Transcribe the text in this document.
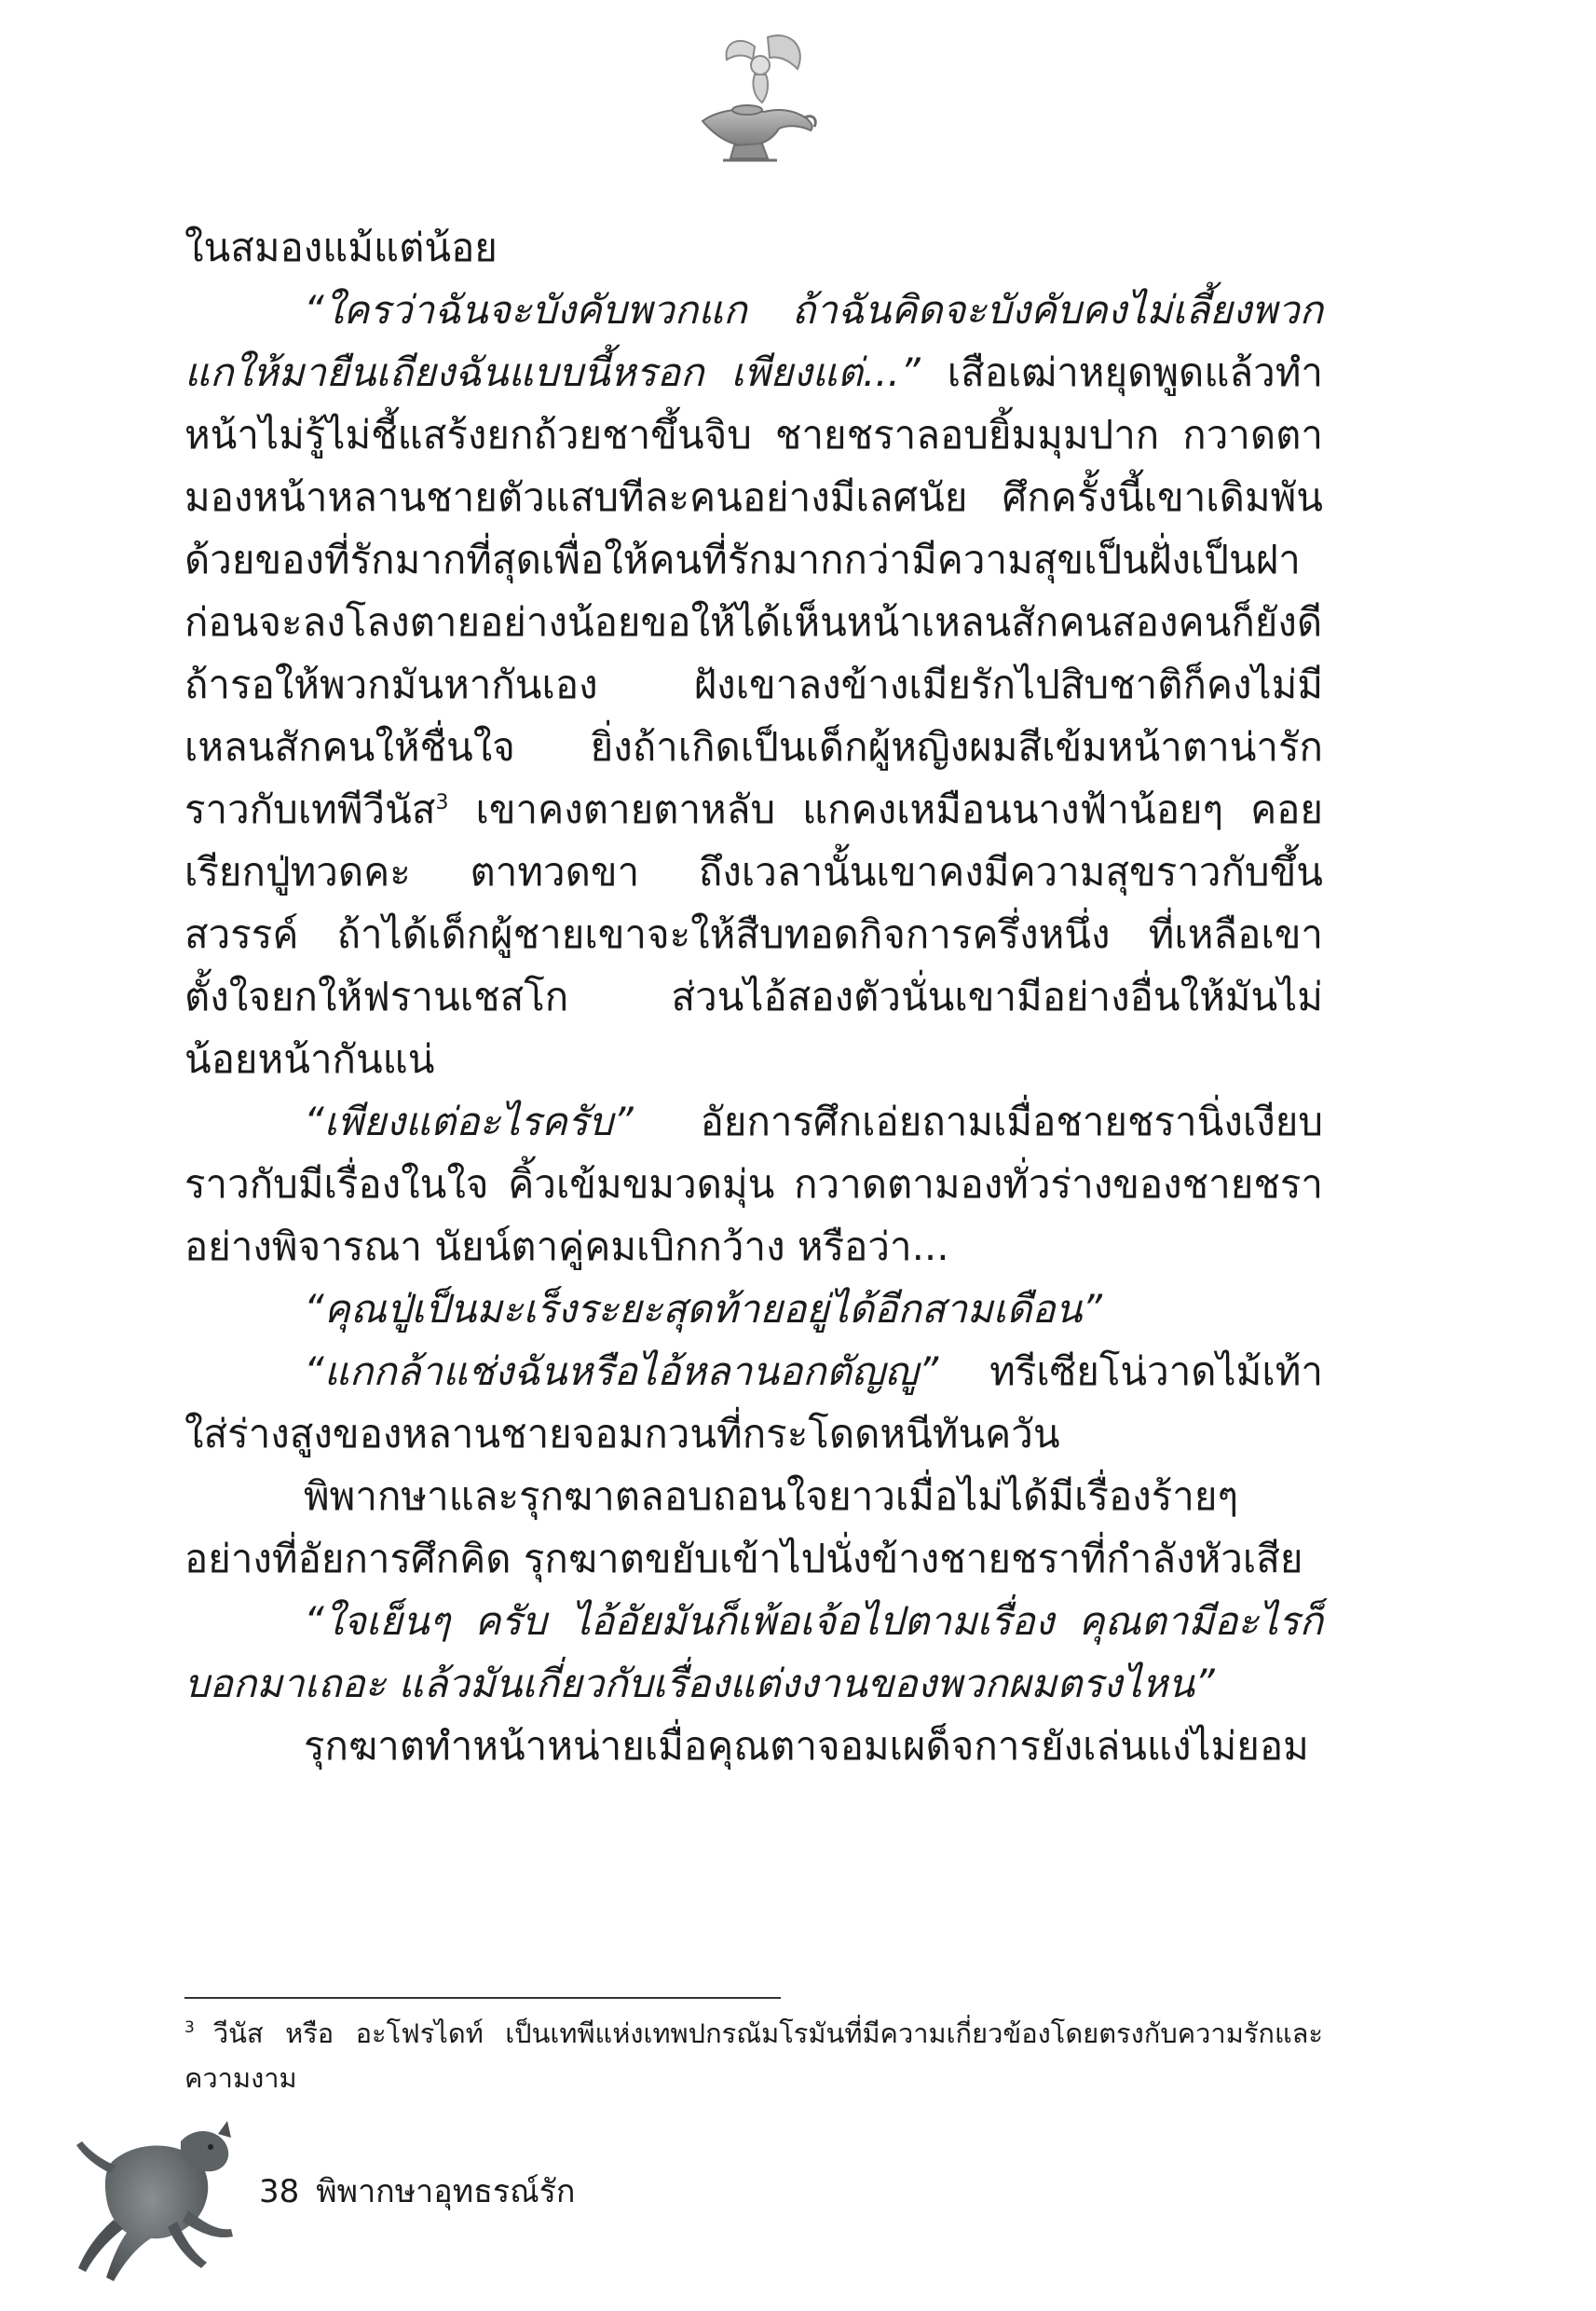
ในสมองแม้แต่น้อย

“ใครว่าฉันจะบังคับพวกแก ถ้าฉันคิดจะบังคับคงไม่เลี้ยงพวกแกให้มายืนเถียงฉันแบบนี้หรอก เพียงแต่...” เสือเฒ่าหยุดพูดแล้วทำหน้าไม่รู้ไม่ชี้แสร้งยกถ้วยชาขึ้นจิบ ชายชราลอบยิ้มมุมปาก กวาดตามองหน้าหลานชายตัวแสบทีละคนอย่างมีเลศนัย ศึกครั้งนี้เขาเดิมพันด้วยของที่รักมากที่สุดเพื่อให้คนที่รักมากกว่ามีความสุขเป็นฝั่งเป็นฝาก่อนจะลงโลงตายอย่างน้อยขอให้ได้เห็นหน้าเหลนสักคนสองคนก็ยังดี ถ้ารอให้พวกมันหากันเอง ฝังเขาลงข้างเมียรักไปสิบชาติก็คงไม่มีเหลนสักคนให้ชื่นใจ ยิ่งถ้าเกิดเป็นเด็กผู้หญิงผมสีเข้มหน้าตาน่ารักราวกับเทพีวีนัส$^3$ เขาคงตายตาหลับ แกคงเหมือนนางฟ้าน้อยๆ คอยเรียกปู่ทวดคะ ตาทวดขา ถึงเวลานั้นเขาคงมีความสุขราวกับขึ้นสวรรค์ ถ้าได้เด็กผู้ชายเขาจะให้สืบทอดกิจการครึ่งหนึ่ง ที่เหลือเขาตั้งใจยกให้ฟรานเชสโก ส่วนไอ้สองตัวนั่นเขามีอย่างอื่นให้มันไม่น้อยหน้ากันแน่

“เพียงแต่อะไรครับ” อัยการศึกเอ่ยถามเมื่อชายชรานิ่งเงียบราวกับมีเรื่องในใจ คิ้วเข้มขมวดมุ่น กวาดตามองทั่วร่างของชายชราอย่างพิจารณา นัยน์ตาคู่คมเบิกกว้าง หรือว่า...

“คุณปู่เป็นมะเร็งระยะสุดท้ายอยู่ได้อีกสามเดือน”

“แกกล้าแช่งฉันหรือไอ้หลานอกตัญญู” ทรีเซียโน่วาดไม้เท้าใส่ร่างสูงของหลานชายจอมกวนที่กระโดดหนีทันควัน

พิพากษาและรุกฆาตลอบถอนใจยาวเมื่อไม่ได้มีเรื่องร้ายๆ อย่างที่อัยการศึกคิด รุกฆาตขยับเข้าไปนั่งข้างชายชราที่กำลังหัวเสีย

“ใจเย็นๆ ครับ ไอ้อัยมันก็เพ้อเจ้อไปตามเรื่อง คุณตามีอะไรก็บอกมาเถอะ แล้วมันเกี่ยวกับเรื่องแต่งงานของพวกผมตรงไหน”

รุกฆาตทำหน้าหน่ายเมื่อคุณตาจอมเผด็จการยังเล่นแง่ไม่ยอม

$^3$ วีนัส หรือ อะโฟรไดท์ เป็นเทพีแห่งเทพปกรณัมโรมันที่มีความเกี่ยวข้องโดยตรงกับความรักและความงาม
38 พิพากษาอุทธรณ์รัก
